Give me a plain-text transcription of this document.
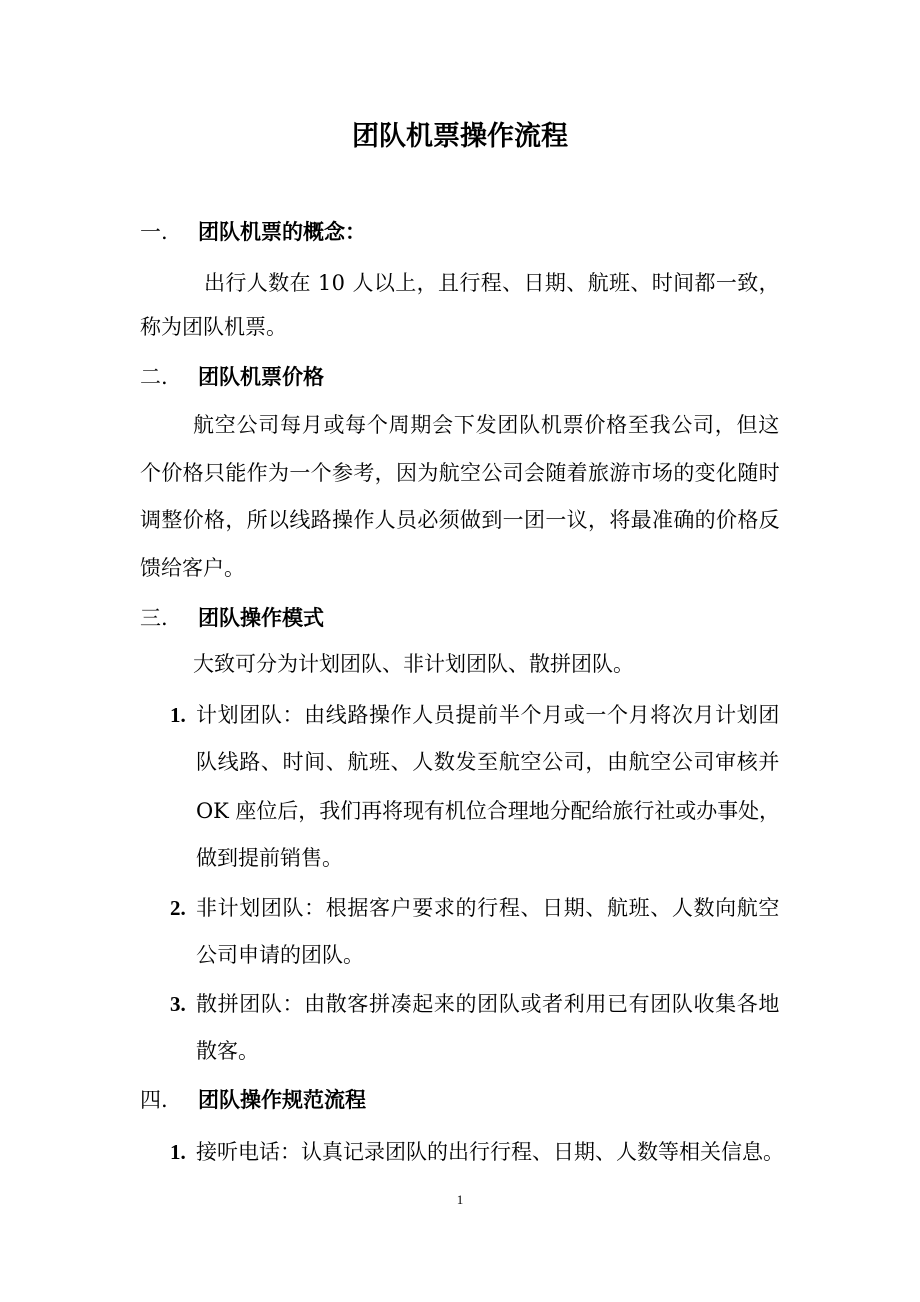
团队机票操作流程
一.	团队机票的概念：
出行人数在 10 人以上，且行程、日期、航班、时间都一致，
称为团队机票。
二.	团队机票价格
航空公司每月或每个周期会下发团队机票价格至我公司，但这
个价格只能作为一个参考，因为航空公司会随着旅游市场的变化随时
调整价格，所以线路操作人员必须做到一团一议，将最准确的价格反
馈给客户。
三.	团队操作模式
大致可分为计划团队、非计划团队、散拼团队。
1. 计划团队：由线路操作人员提前半个月或一个月将次月计划团
队线路、时间、航班、人数发至航空公司，由航空公司审核并
OK 座位后，我们再将现有机位合理地分配给旅行社或办事处，
做到提前销售。
2. 非计划团队：根据客户要求的行程、日期、航班、人数向航空
公司申请的团队。
3. 散拼团队：由散客拼凑起来的团队或者利用已有团队收集各地
散客。
四.	团队操作规范流程
1. 接听电话：认真记录团队的出行行程、日期、人数等相关信息。
1
